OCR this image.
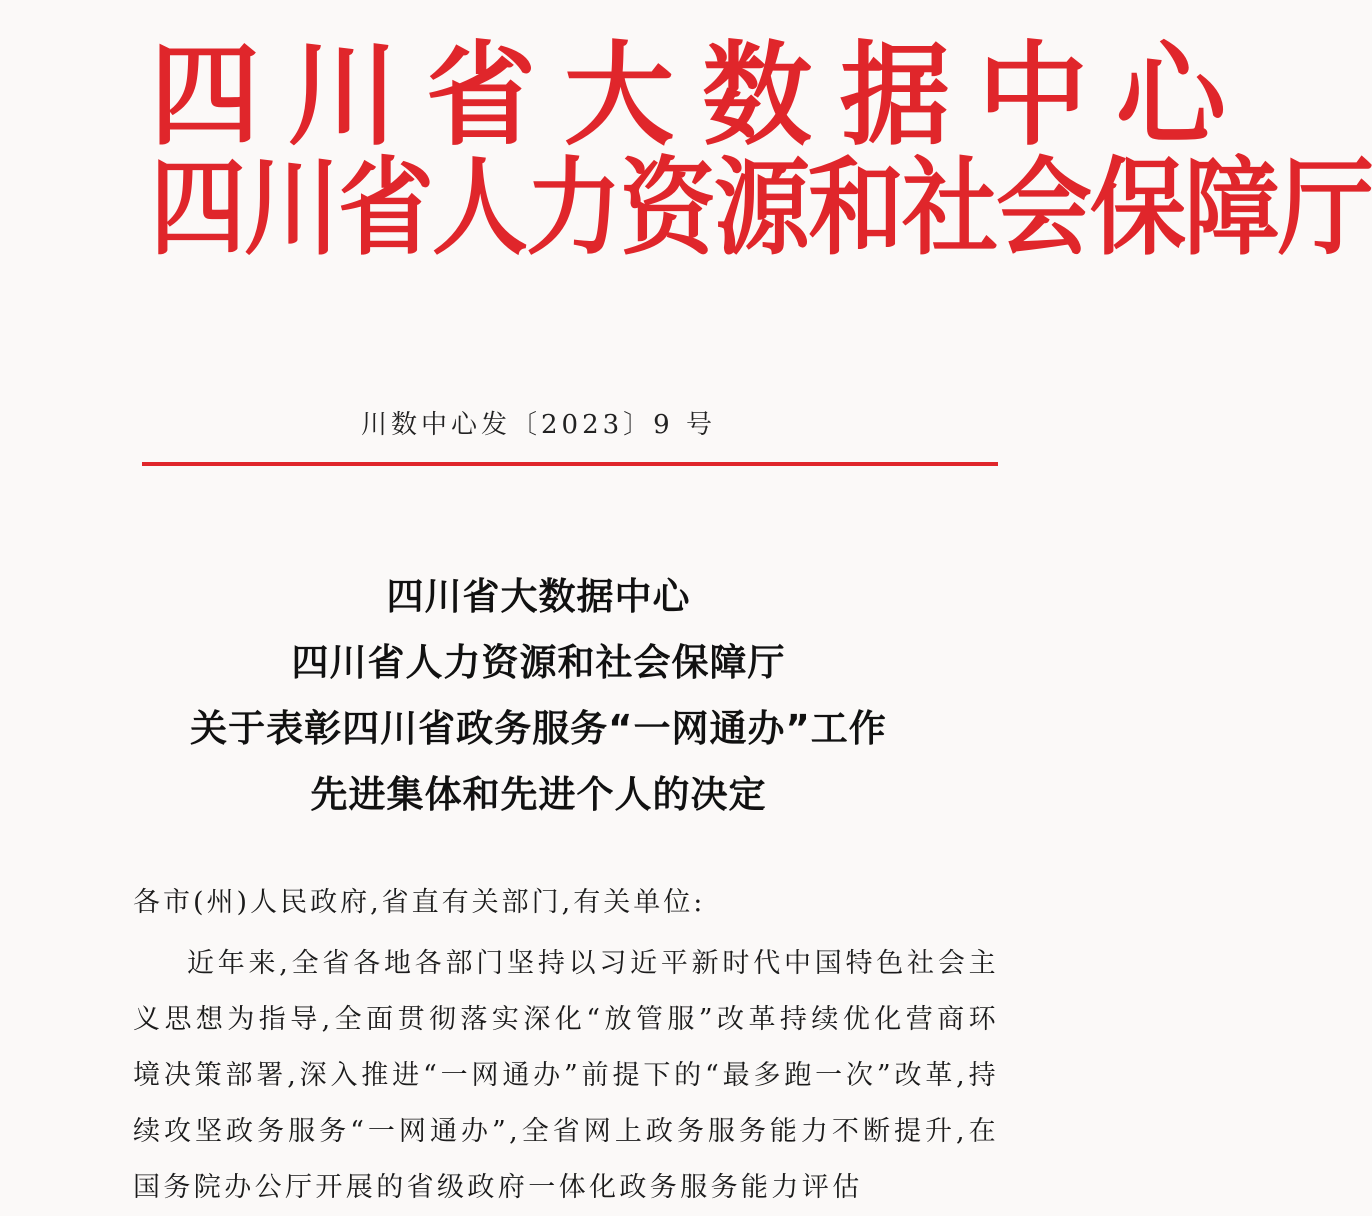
四川省大数据中心
四川省人力资源和社会保障厅
川数中心发〔2023〕9 号
四川省大数据中心
四川省人力资源和社会保障厅
关于表彰四川省政务服务“一网通办”工作
先进集体和先进个人的决定
各市(州)人民政府,省直有关部门,有关单位:
近年来,全省各地各部门坚持以习近平新时代中国特色社会主义思想为指导,全面贯彻落实深化“放管服”改革持续优化营商环境决策部署,深入推进“一网通办”前提下的“最多跑一次”改革,持续攻坚政务服务“一网通办”,全省网上政务服务能力不断提升,在国务院办公厅开展的省级政府一体化政务服务能力评估
